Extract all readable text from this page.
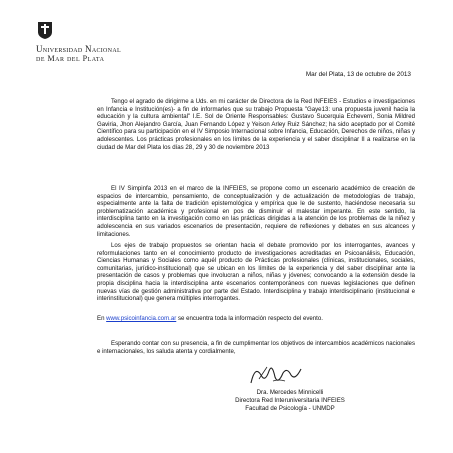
Universidad Nacional
de Mar del Plata
Mar del Plata, 13 de octubre de 2013

Tengo el agrado de dirigirme a Uds. en mi carácter de Directora de la Red INFEIES - Estudios e investigaciones en Infancia e Institución(es)- a fin de informarles que su trabajo Propuesta "Gaye13: una propuesta juvenil hacia la educación y la cultura ambiental" I.E. Sol de Oriente Responsables: Gustavo Sucerquia Echeverri, Sonia Mildred Gaviria, Jhon Alejandro García, Juan Fernando López y Yeison Arley Ruiz Sánchez; ha sido aceptado por el Comité Científico para su participación en el IV Simposio Internacional sobre Infancia, Educación, Derechos de niños, niñas y adolescentes. Los prácticas profesionales en los límites de la experiencia y el saber disciplinar II a realizarse en la ciudad de Mar del Plata los días 28, 29 y 30 de noviembre 2013

El IV Simpinfa 2013 en el marco de la INFEIES, se propone como un escenario académico de creación de espacios de intercambio, pensamiento, de conceptualización y de actualización de metodologías de trabajo, especialmente ante la falta de tradición epistemológica y empírica que le de sustento, haciéndose necesaria su problematización académica y profesional en pos de disminuir el malestar imperante. En este sentido, la interdisciplina tanto en la investigación como en las prácticas dirigidas a la atención de los problemas de la niñez y adolescencia en sus variados escenarios de presentación, requiere de reflexiones y debates en sus alcances y limitaciones.

Los ejes de trabajo propuestos se orientan hacia el debate promovido por los interrogantes, avances y reformulaciones tanto en el conocimiento producto de investigaciones acreditadas en Psicoanálisis, Educación, Ciencias Humanas y Sociales como aquél producto de Prácticas profesionales (clínicas, institucionales, sociales, comunitarias, jurídico-institucional) que se ubican en los límites de la experiencia y del saber disciplinar ante la presentación de casos y problemas que involucran a niños, niñas y jóvenes; convocando a la extensión desde la propia disciplina hacia la interdisciplina ante escenarios contemporáneos con nuevas legislaciones que definen nuevas vías de gestión administrativa por parte del Estado. Interdisciplina y trabajo interdisciplinario (institucional e interinstitucional) que genera múltiples interrogantes.

En www.psicoinfancia.com.ar se encuentra toda la información respecto del evento.

Esperando contar con su presencia, a fin de cumplimentar los objetivos de intercambios académicos nacionales e internacionales, los saluda atenta y cordialmente,

Dra. Mercedes Minnicelli
Directora Red Interuniversitaria INFEIES
Facultad de Psicología - UNMDP
